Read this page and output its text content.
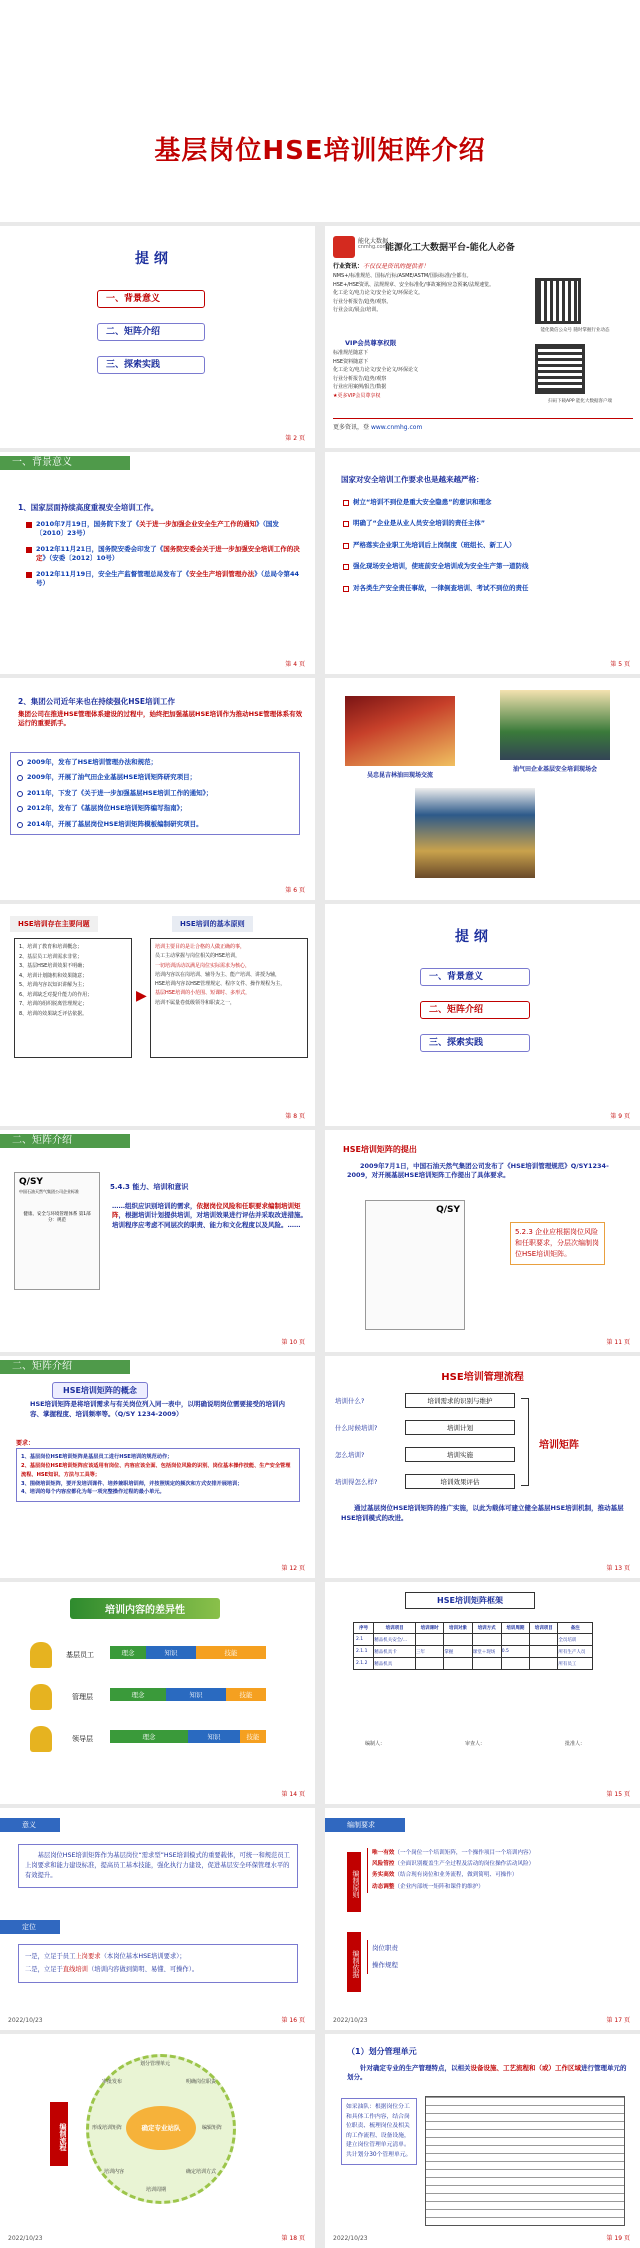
基层岗位HSE培训矩阵介绍
提 纲
一、背景意义
二、矩阵介绍
三、探索实践
第 2 页
能化大数据
cnmhg.com
能源化工大数据平台-能化人必备
行业资讯：不仅仅是资讯的提供者！
NMS+/标准规范、国标/行标/ASME/ASTM/国际标准/全都有。
HSE+/HSE资讯、法规规章、安全标准化/事故案例/应急预案/法规速览。
化工论文/电力论文/安全论文/环保论文。
行业分析报告/趋势/观察。
行业会议/展会/培训。
VIP会员尊享权限
标准规范随意下
HSE资料随意下
化工论文/电力论文/安全论文/环保论文
行业分析报告/趋势/观察
行业应用案例/报告/数据
★更多VIP会员尊享权
能化微信公众号 随时掌握行业动态
扫码下载APP 能化大数据客户端
更多资讯，登 www.cnmhg.com
一、背景意义
1、国家层面持续高度重视安全培训工作。
2010年7月19日，国务院下发了《关于进一步加强企业安全生产工作的通知》（国发〔2010〕23号）
2012年11月21日，国务院安委会印发了《国务院安委会关于进一步加强安全培训工作的决定》（安委〔2012〕10号）
2012年11月19日，安全生产监督管理总局发布了《安全生产培训管理办法》（总局令第44号）
第 4 页
国家对安全培训工作要求也是越来越严格：
树立“培训不到位是重大安全隐患”的意识和理念
明确了“企业是从业人员安全培训的责任主体”
严格落实企业职工先培训后上岗制度（班组长、新工人）
强化现场安全培训，使班前安全培训成为安全生产第一道防线
对各类生产安全责任事故，一律倒查培训、考试不到位的责任
第 5 页
2、集团公司近年来也在持续强化HSE培训工作
集团公司在推进HSE管理体系建设的过程中，始终把加强基层HSE培训作为推动HSE管理体系有效运行的重要抓手。
2009年，发布了HSE培训管理办法和规范；
2009年，开展了油气田企业基层HSE培训矩阵研究项目；
2011年，下发了《关于进一步加强基层HSE培训工作的通知》；
2012年，发布了《基层岗位HSE培训矩阵编写指南》；
2014年，开展了基层岗位HSE培训矩阵模板编制研究项目。
第 6 页
吴忠昆吉林油田现场交流
油气田企业基层安全培训现场会
HSE培训存在主要问题	HSE培训的基本原则
1、培训了教育和培训概念；
2、基层员工培训需求非常；
3、基层HSE培训效果不明确；
4、培训计划随机和效果随意；
5、培训内容以知识讲解为主；
6、培训缺乏对提升能力的作用；
7、培训的组织脱离管理规定；
8、培训的效果缺乏评估依据。
▶
培训主要目的是让合格的人做正确的事，
员工主动掌握与岗位相关的HSE培训，
一切培训活动以满足岗位实际需求为核心，
培训内容以在岗培训、辅导为主、能产培训、讲授为辅，
HSE培训内容以HSE管理规定、程序文件、操作规程为主，
基层HSE培训的小范围、短课时、多形式，
培训不属量卷低级领导和职责之一，
第 8 页
提 纲
一、背景意义
二、矩阵介绍
三、探索实践
第 9 页
二、矩阵介绍
Q/SY
中国石油天然气集团公司企业标准
健康、安全与环境管理体系 第1部分：规范
5.4.3 能力、培训和意识
……组织应识别培训的需求，依据岗位风险和任职要求编制培训矩阵，根据培训计划提供培训，对培训效果进行评估并采取改进措施。培训程序应考虑不同层次的职责、能力和文化程度以及风险。……
第 10 页
HSE培训矩阵的提出
2009年7月1日，中国石油天然气集团公司发布了《HSE培训管理规范》Q/SY1234-2009，对开展基层HSE培训矩阵工作提出了具体要求。
Q/SY
5.2.3 企业应根据岗位风险和任职要求，分层次编制岗位HSE培训矩阵。
第 11 页
二、矩阵介绍
HSE培训矩阵的概念
HSE培训矩阵是将培训需求与有关岗位列入同一表中，以明确说明岗位需要接受的培训内容、掌握程度、培训频率等。（Q/SY 1234-2009）
要求：
1、基层岗位HSE培训矩阵是基层员工进行HSE培训的规范动作；
2、基层岗位HSE培训矩阵应该适用有岗位、内容应该全面、包括岗位风险的识别、岗位基本操作技能、生产安全管理流程、HSE知识、方法与工具等；
3、围绕培训矩阵，要开发培训课件、培养兼职培训师，并按照规定的频次和方式安排开展培训；
4、培训的每个内容应都化为每一项完整操作过程的最小单元。
第 12 页
HSE培训管理流程
培训什么?
什么时候培训?
怎么培训?
培训得怎么样?
培训需求的识别与维护
培训计划
培训实施
培训效果评估
培训矩阵
通过基层岗位HSE培训矩阵的推广实施，以此为载体可建立健全基层HSE培训机制，推动基层HSE培训模式的改进。
第 13 页
培训内容的差异性
基层员工
管理层
领导层
理念	知识	技能
理念	知识	技能
理念	知识	技能
第 14 页
HSE培训矩阵框架
序号	培训项目	培训课时	培训对象	培训方式	培训周期	培训项目	备注
2.1	精品机关安全/...						全员培训
2.1.1	精品机具卡	三年	掌握	课堂＋现场	0.5		所有生产人员
2.1.2	精品机具						所有员工
编制人：	审查人：	批准人：
第 15 页
意义
基层岗位HSE培训矩阵作为基层岗位“需求型”HSE培训模式的重要载体，可统一和规范员工上岗要求和能力建设标准，提高员工基本技能，强化执行力建设，促进基层安全环保管理水平的有效提升。
定位
一是，立足于员工上岗要求（本岗位基本HSE培训要求）；
二是，立足于直线培训（培训内容做到简明、易懂、可操作）。
2022/10/23	第 16 页
编制要求
编制原则
唯一有效（一个岗位一个培训矩阵，一个操作项目一个培训内容）
风险管控（全面识别覆盖生产全过程及活动的岗位操作活动风险）
务实高效（结合现有岗位和业务流程，做到简明、可操作）
动态调整（企业内部统一矩阵和课件的维护）
编制依据
岗位职责
操作规程
2022/10/23	第 17 页
编制流程	确定专业站队
划分管理单元
明确岗位职责
编辑矩阵
确定培训方式
培训周期
培训内容
形成培训矩阵
审批发布
2022/10/23	第 18 页
（1）划分管理单元
针对确定专业的生产管理特点，以相关设备设施、工艺流程和（或）工作区域进行管理单元的划分。
如采油队：根据岗位分工和具体工作内容，结合岗位职责、梳理岗位及相关的工作流程、设备设施，建立岗位管理单元清单。共计划分30个管理单元。
2022/10/23	第 19 页
